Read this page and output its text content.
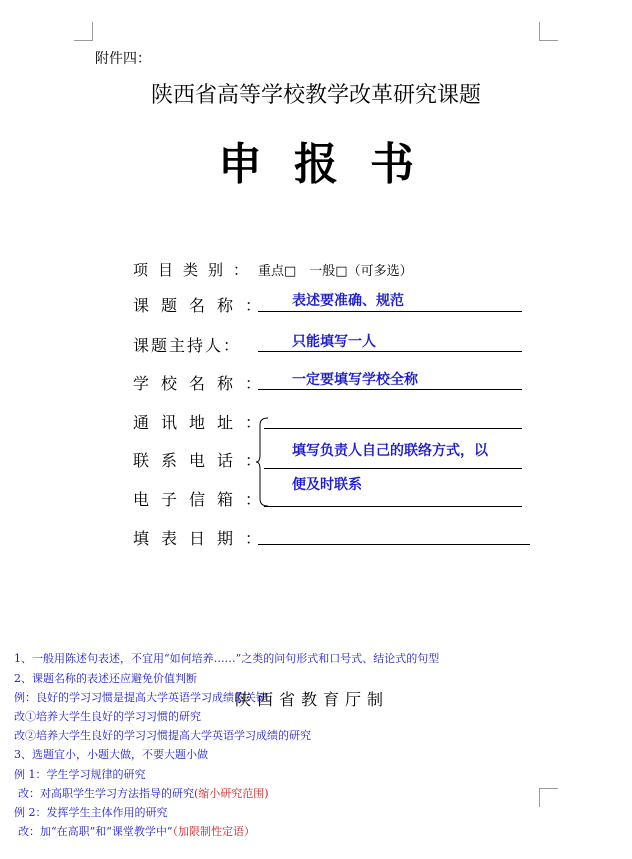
附件四：
陕西省高等学校教学改革研究课题
申报书
项目类别： 重点□　一般□（可多选）
课题名称： 表述要准确、规范
课题主持人：	只能填写一人
学校名称： 一定要填写学校全称
通讯地址：
联系电话：
电子信箱：
填写负责人自己的联络方式，以
便及时联系
填表日期：
陕西省教育厅制
1、一般用陈述句表述，不宜用“如何培养……”之类的问句形式和口号式、结论式的句型
2、课题名称的表述还应避免价值判断
例：良好的学习习惯是提高大学英语学习成绩的关键
改①培养大学生良好的学习习惯的研究
改②培养大学生良好的学习习惯提高大学英语学习成绩的研究
3、选题宜小，小题大做，不要大题小做
例 1：学生学习规律的研究
改：对高职学生学习方法指导的研究(缩小研究范围)
例 2：发挥学生主体作用的研究
改：加“在高职”和“课堂教学中”（加限制性定语）
